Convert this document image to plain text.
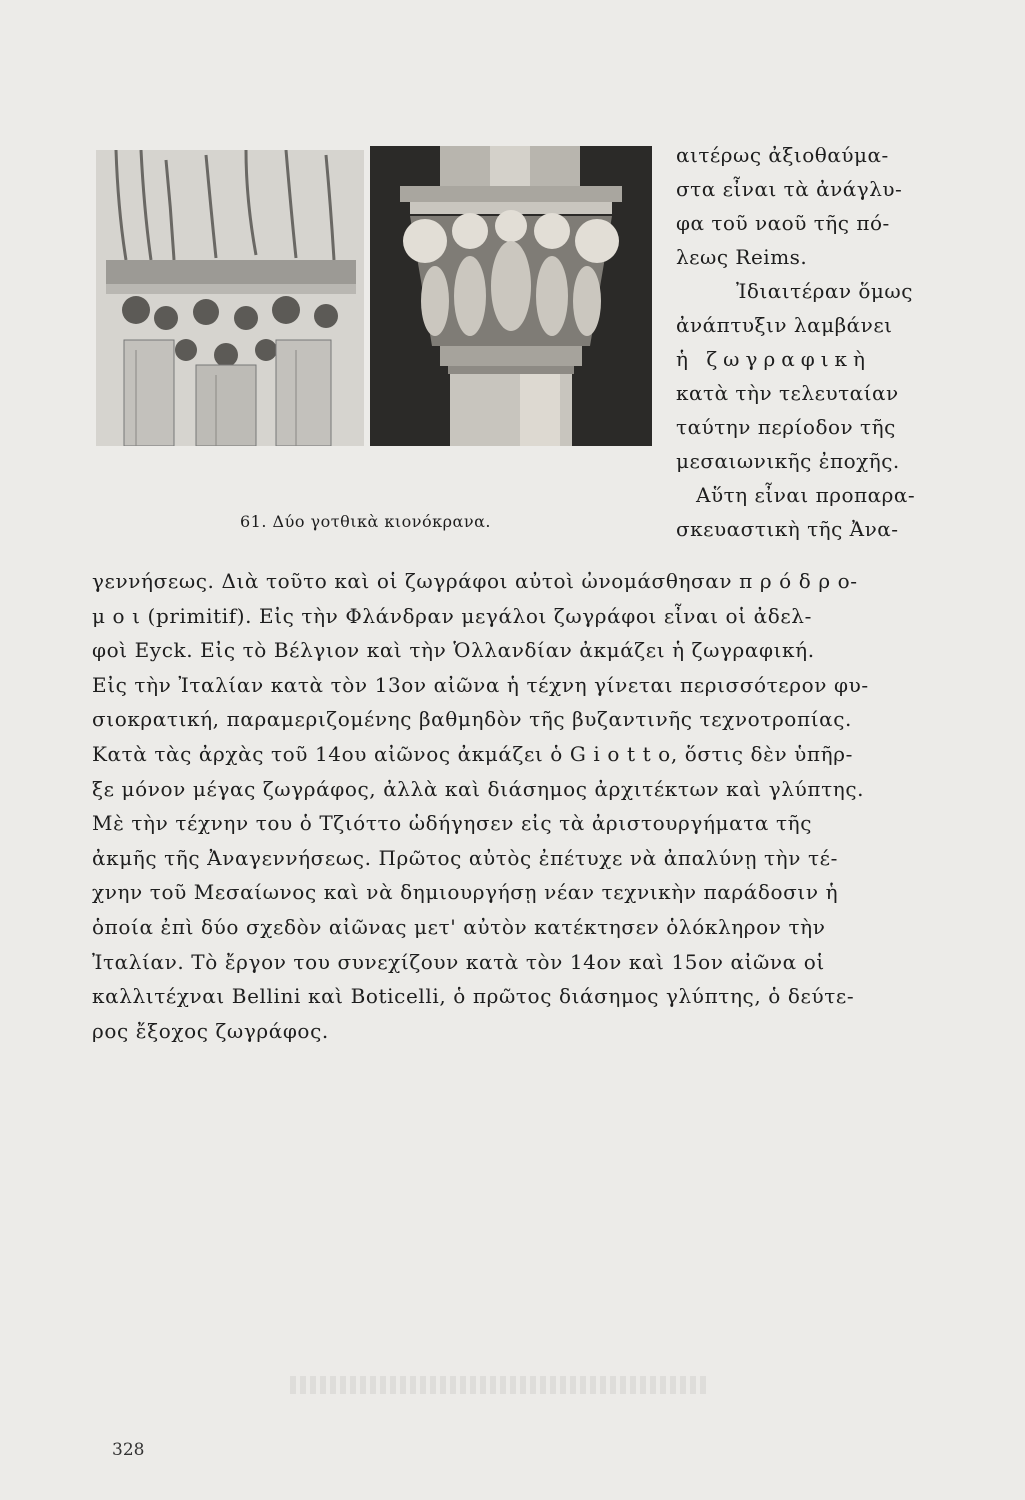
61. Δύο γοτθικὰ κιονόκρανα.
αιτέρως ἀξιοθαύμα-
στα εἶναι τὰ ἀνάγλυ-
φα τοῦ ναοῦ τῆς πό-
λεως Reims.
Ἰδιαιτέραν ὅμως
ἀνάπτυξιν λαμβάνει
ἡ ζωγραφικὴ
κατὰ τὴν τελευταίαν
ταύτην περίοδον τῆς
μεσαιωνικῆς ἐποχῆς.
Αὕτη εἶναι προπαρα-
σκευαστικὴ τῆς Ἀνα-
γεννήσεως. Διὰ τοῦτο καὶ οἱ ζωγράφοι αὐτοὶ ὠνομάσθησαν π ρ ό δ ρ ο-
μ ο ι (primitif). Εἰς τὴν Φλάνδραν μεγάλοι ζωγράφοι εἶναι οἱ ἀδελ-
φοὶ Eyck. Εἰς τὸ Βέλγιον καὶ τὴν Ὁλλανδίαν ἀκμάζει ἡ ζωγραφική.
Εἰς τὴν Ἰταλίαν κατὰ τὸν 13ον αἰῶνα ἡ τέχνη γίνεται περισσότερον φυ-
σιοκρατική, παραμεριζομένης βαθμηδὸν τῆς βυζαντινῆς τεχνοτροπίας.
Κατὰ τὰς ἀρχὰς τοῦ 14ου αἰῶνος ἀκμάζει ὁ G i o t t o, ὅστις δὲν ὑπῆρ-
ξε μόνον μέγας ζωγράφος, ἀλλὰ καὶ διάσημος ἀρχιτέκτων καὶ γλύπτης.
Μὲ τὴν τέχνην του ὁ Τζιόττο ὡδήγησεν εἰς τὰ ἀριστουργήματα τῆς
ἀκμῆς τῆς Ἀναγεννήσεως. Πρῶτος αὐτὸς ἐπέτυχε νὰ ἀπαλύνῃ τὴν τέ-
χνην τοῦ Μεσαίωνος καὶ νὰ δημιουργήσῃ νέαν τεχνικὴν παράδοσιν ἡ
ὁποία ἐπὶ δύο σχεδὸν αἰῶνας μετ' αὐτὸν κατέκτησεν ὁλόκληρον τὴν
Ἰταλίαν. Τὸ ἔργον του συνεχίζουν κατὰ τὸν 14ον καὶ 15ον αἰῶνα οἱ
καλλιτέχναι Bellini καὶ Boticelli, ὁ πρῶτος διάσημος γλύπτης, ὁ δεύτε-
ρος ἔξοχος ζωγράφος.
328
